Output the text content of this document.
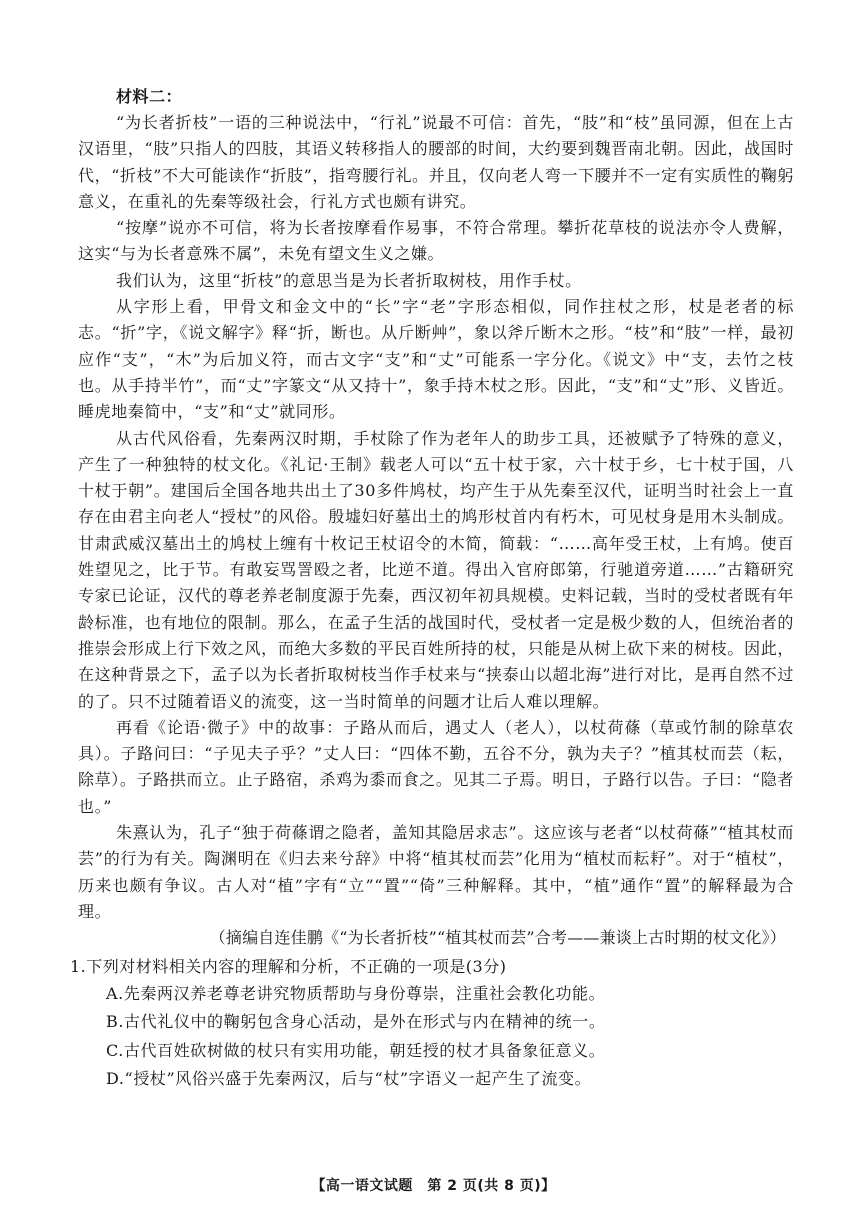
材料二：

“为长者折枝”一语的三种说法中，“行礼”说最不可信：首先，“肢”和“枝”虽同源，但在上古汉语里，“肢”只指人的四肢，其语义转移指人的腰部的时间，大约要到魏晋南北朝。因此，战国时代，“折枝”不大可能读作“折肢”，指弯腰行礼。并且，仅向老人弯一下腰并不一定有实质性的鞠躬意义，在重礼的先秦等级社会，行礼方式也颇有讲究。

“按摩”说亦不可信，将为长者按摩看作易事，不符合常理。攀折花草枝的说法亦令人费解，这实“与为长者意殊不属”，未免有望文生义之嫌。

我们认为，这里“折枝”的意思当是为长者折取树枝，用作手杖。

从字形上看，甲骨文和金文中的“长”字“老”字形态相似，同作拄杖之形，杖是老者的标志。“折”字，《说文解字》释“折，断也。从斤断艸”，象以斧斤断木之形。“枝”和“肢”一样，最初应作“支”，“木”为后加义符，而古文字“支”和“丈”可能系一字分化。《说文》中“支，去竹之枝也。从手持半竹”，而“丈”字篆文“从又持十”，象手持木杖之形。因此，“支”和“丈”形、义皆近。睡虎地秦简中，“支”和“丈”就同形。

从古代风俗看，先秦两汉时期，手杖除了作为老年人的助步工具，还被赋予了特殊的意义，产生了一种独特的杖文化。《礼记·王制》载老人可以“五十杖于家，六十杖于乡，七十杖于国，八十杖于朝”。建国后全国各地共出土了30多件鸠杖，均产生于从先秦至汉代，证明当时社会上一直存在由君主向老人“授杖”的风俗。殷墟妇好墓出土的鸠形杖首内有朽木，可见杖身是用木头制成。甘肃武威汉墓出土的鸠杖上缠有十枚记王杖诏令的木简，简载：“……高年受王杖，上有鸠。使百姓望见之，比于节。有敢妄骂詈殴之者，比逆不道。得出入官府郎第，行驰道旁道……”古籍研究专家已论证，汉代的尊老养老制度源于先秦，西汉初年初具规模。史料记载，当时的受杖者既有年龄标准，也有地位的限制。那么，在孟子生活的战国时代，受杖者一定是极少数的人，但统治者的推崇会形成上行下效之风，而绝大多数的平民百姓所持的杖，只能是从树上砍下来的树枝。因此，在这种背景之下，孟子以为长者折取树枝当作手杖来与“挟泰山以超北海”进行对比，是再自然不过的了。只不过随着语义的流变，这一当时简单的问题才让后人难以理解。

再看《论语·微子》中的故事：子路从而后，遇丈人（老人），以杖荷蓧（草或竹制的除草农具）。子路问曰：“子见夫子乎？”丈人曰：“四体不勤，五谷不分，孰为夫子？”植其杖而芸（耘，除草）。子路拱而立。止子路宿，杀鸡为黍而食之。见其二子焉。明日，子路行以告。子曰：“隐者也。”

朱熹认为，孔子“独于荷蓧谓之隐者，盖知其隐居求志”。这应该与老者“以杖荷蓧”“植其杖而芸”的行为有关。陶渊明在《归去来兮辞》中将“植其杖而芸”化用为“植杖而耘耔”。对于“植杖”，历来也颇有争议。古人对“植”字有“立”“置”“倚”三种解释。其中，“植”通作“置”的解释最为合理。

（摘编自连佳鹏《“为长者折枝”“植其杖而芸”合考——兼谈上古时期的杖文化》）

1.下列对材料相关内容的理解和分析，不正确的一项是(3分)

A.先秦两汉养老尊老讲究物质帮助与身份尊崇，注重社会教化功能。

B.古代礼仪中的鞠躬包含身心活动，是外在形式与内在精神的统一。

C.古代百姓砍树做的杖只有实用功能，朝廷授的杖才具备象征意义。

D.“授杖”风俗兴盛于先秦两汉，后与“杖”字语义一起产生了流变。

【高一语文试题　第 2 页(共 8 页)】
